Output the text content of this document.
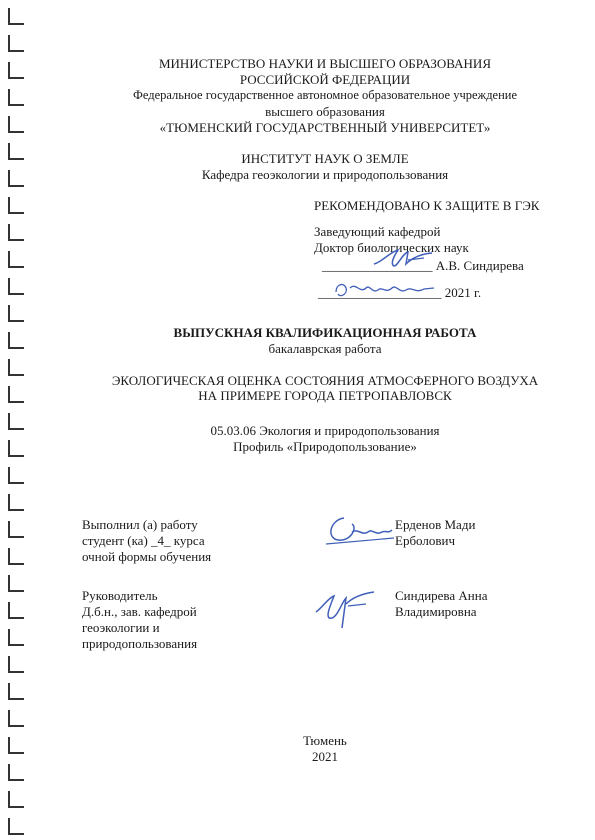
МИНИСТЕРСТВО НАУКИ И ВЫСШЕГО ОБРАЗОВАНИЯ
РОССИЙСКОЙ ФЕДЕРАЦИИ
Федеральное государственное автономное образовательное учреждение
высшего образования
«ТЮМЕНСКИЙ ГОСУДАРСТВЕННЫЙ УНИВЕРСИТЕТ»
ИНСТИТУТ НАУК О ЗЕМЛЕ
Кафедра геоэкологии и природопользования
РЕКОМЕНДОВАНО К ЗАЩИТЕ В ГЭК
Заведующий кафедрой
Доктор биологических наук
_________________ А.В. Синдирева
___________________ 2021 г.
ВЫПУСКНАЯ КВАЛИФИКАЦИОННАЯ РАБОТА
бакалаврская работа
ЭКОЛОГИЧЕСКАЯ ОЦЕНКА СОСТОЯНИЯ АТМОСФЕРНОГО ВОЗДУХА
НА ПРИМЕРЕ ГОРОДА ПЕТРОПАВЛОВСК
05.03.06 Экология и природопользования
Профиль «Природопользование»
Выполнил (а) работу
студент (ка) _4_ курса
очной формы обучения
Ерденов Мади
Ерболович
Руководитель
Д.б.н., зав. кафедрой
геоэкологии и
природопользования
Синдирева Анна
Владимировна
Тюмень
2021
